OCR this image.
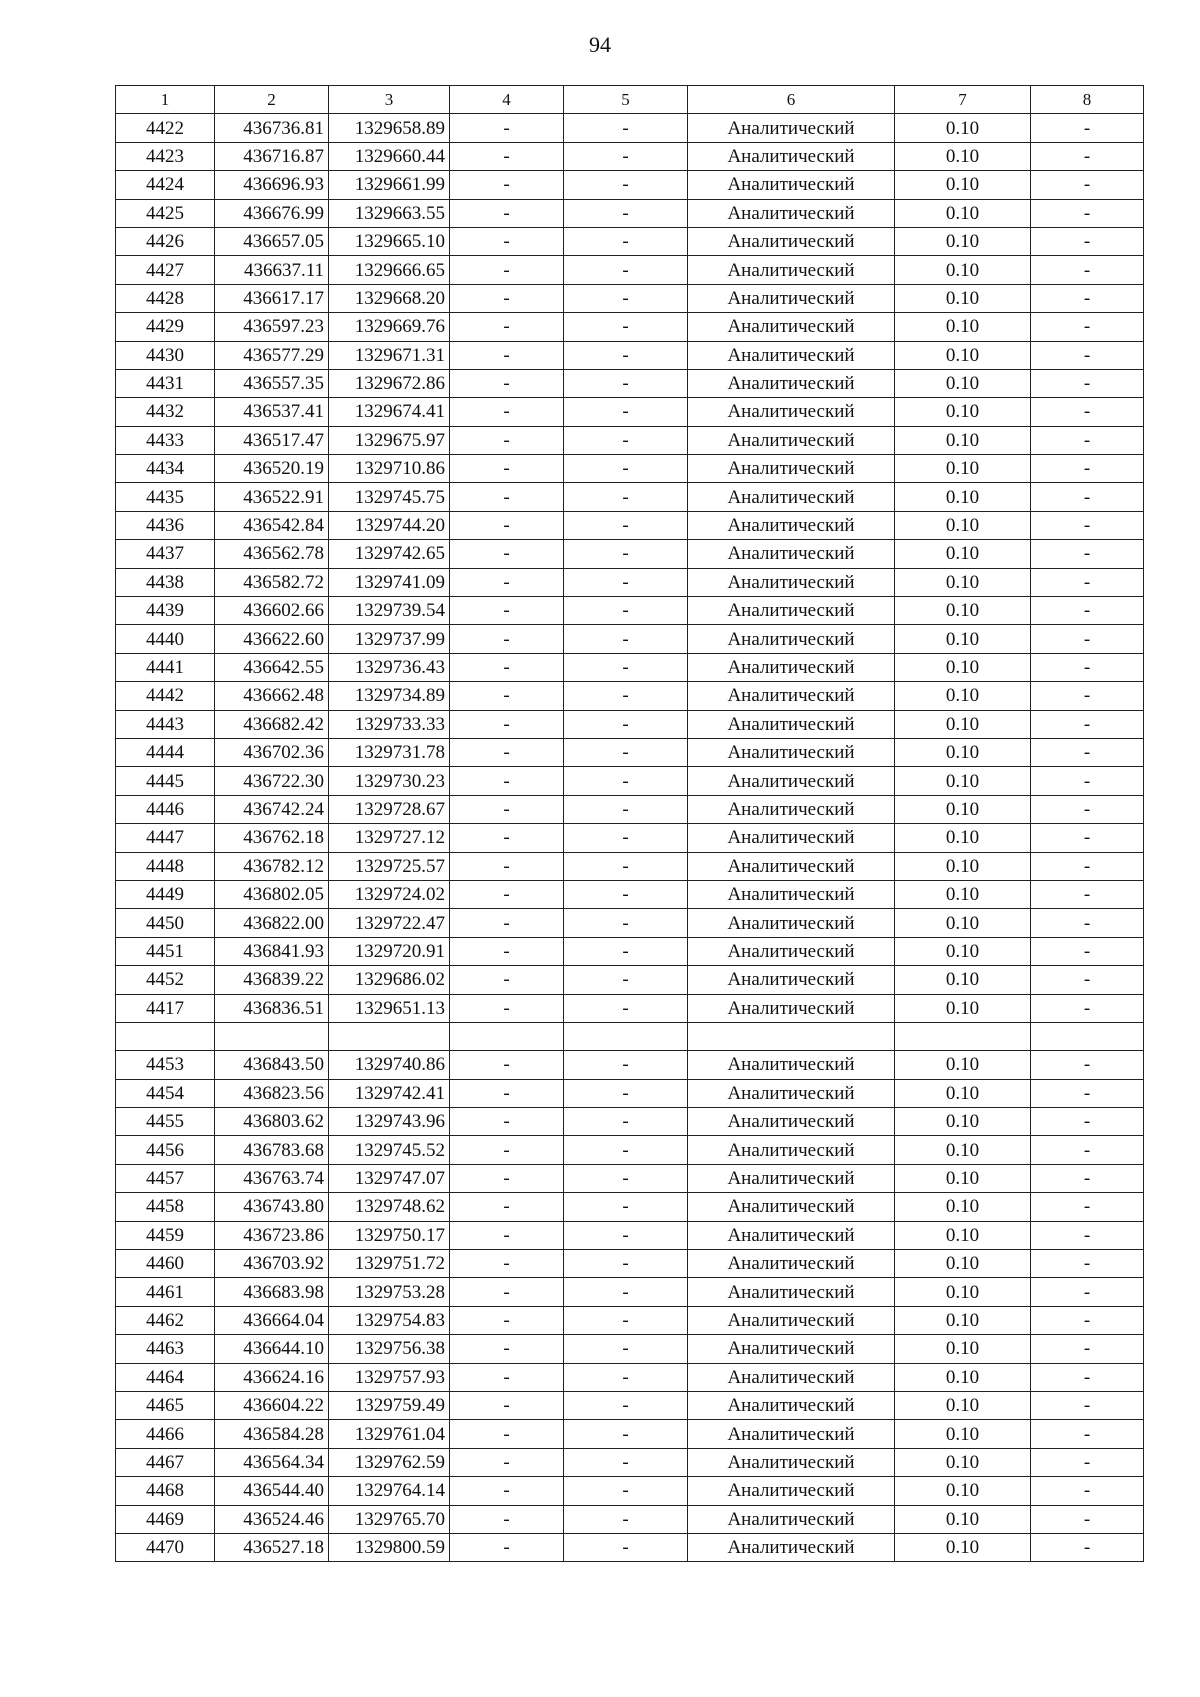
94
1	2	3	4	5	6	7	8
4422	436736.81	1329658.89	-	-	Аналитический	0.10	-
4423	436716.87	1329660.44	-	-	Аналитический	0.10	-
4424	436696.93	1329661.99	-	-	Аналитический	0.10	-
4425	436676.99	1329663.55	-	-	Аналитический	0.10	-
4426	436657.05	1329665.10	-	-	Аналитический	0.10	-
4427	436637.11	1329666.65	-	-	Аналитический	0.10	-
4428	436617.17	1329668.20	-	-	Аналитический	0.10	-
4429	436597.23	1329669.76	-	-	Аналитический	0.10	-
4430	436577.29	1329671.31	-	-	Аналитический	0.10	-
4431	436557.35	1329672.86	-	-	Аналитический	0.10	-
4432	436537.41	1329674.41	-	-	Аналитический	0.10	-
4433	436517.47	1329675.97	-	-	Аналитический	0.10	-
4434	436520.19	1329710.86	-	-	Аналитический	0.10	-
4435	436522.91	1329745.75	-	-	Аналитический	0.10	-
4436	436542.84	1329744.20	-	-	Аналитический	0.10	-
4437	436562.78	1329742.65	-	-	Аналитический	0.10	-
4438	436582.72	1329741.09	-	-	Аналитический	0.10	-
4439	436602.66	1329739.54	-	-	Аналитический	0.10	-
4440	436622.60	1329737.99	-	-	Аналитический	0.10	-
4441	436642.55	1329736.43	-	-	Аналитический	0.10	-
4442	436662.48	1329734.89	-	-	Аналитический	0.10	-
4443	436682.42	1329733.33	-	-	Аналитический	0.10	-
4444	436702.36	1329731.78	-	-	Аналитический	0.10	-
4445	436722.30	1329730.23	-	-	Аналитический	0.10	-
4446	436742.24	1329728.67	-	-	Аналитический	0.10	-
4447	436762.18	1329727.12	-	-	Аналитический	0.10	-
4448	436782.12	1329725.57	-	-	Аналитический	0.10	-
4449	436802.05	1329724.02	-	-	Аналитический	0.10	-
4450	436822.00	1329722.47	-	-	Аналитический	0.10	-
4451	436841.93	1329720.91	-	-	Аналитический	0.10	-
4452	436839.22	1329686.02	-	-	Аналитический	0.10	-
4417	436836.51	1329651.13	-	-	Аналитический	0.10	-

4453	436843.50	1329740.86	-	-	Аналитический	0.10	-
4454	436823.56	1329742.41	-	-	Аналитический	0.10	-
4455	436803.62	1329743.96	-	-	Аналитический	0.10	-
4456	436783.68	1329745.52	-	-	Аналитический	0.10	-
4457	436763.74	1329747.07	-	-	Аналитический	0.10	-
4458	436743.80	1329748.62	-	-	Аналитический	0.10	-
4459	436723.86	1329750.17	-	-	Аналитический	0.10	-
4460	436703.92	1329751.72	-	-	Аналитический	0.10	-
4461	436683.98	1329753.28	-	-	Аналитический	0.10	-
4462	436664.04	1329754.83	-	-	Аналитический	0.10	-
4463	436644.10	1329756.38	-	-	Аналитический	0.10	-
4464	436624.16	1329757.93	-	-	Аналитический	0.10	-
4465	436604.22	1329759.49	-	-	Аналитический	0.10	-
4466	436584.28	1329761.04	-	-	Аналитический	0.10	-
4467	436564.34	1329762.59	-	-	Аналитический	0.10	-
4468	436544.40	1329764.14	-	-	Аналитический	0.10	-
4469	436524.46	1329765.70	-	-	Аналитический	0.10	-
4470	436527.18	1329800.59	-	-	Аналитический	0.10	-
